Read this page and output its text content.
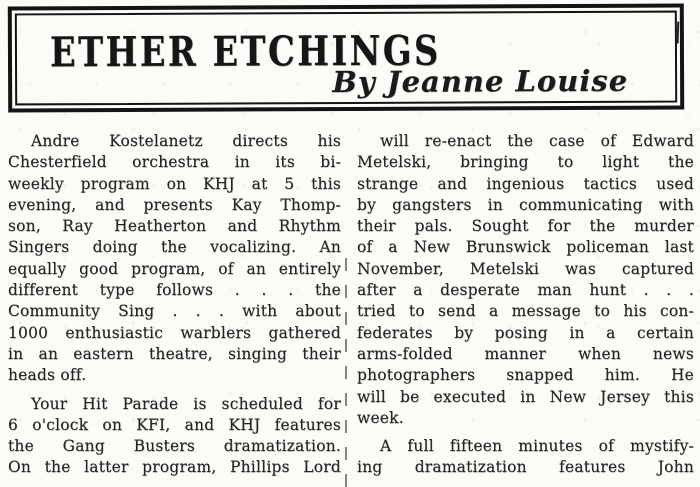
ETHER ETCHINGS
By Jeanne Louise
Andre Kostelanetz directs his
Chesterfield orchestra in its bi-
weekly program on KHJ at 5 this
evening, and presents Kay Thomp-
son, Ray Heatherton and Rhythm
Singers doing the vocalizing. An
equally good program, of an entirely
different type follows . . . the
Community Sing . . . with about
1000 enthusiastic warblers gathered
in an eastern theatre, singing their
heads off.
Your Hit Parade is scheduled for
6 o'clock on KFI, and KHJ features
the Gang Busters dramatization.
On the latter program, Phillips Lord
will re-enact the case of Edward
Metelski, bringing to light the
strange and ingenious tactics used
by gangsters in communicating with
their pals. Sought for the murder
of a New Brunswick policeman last
November, Metelski was captured
after a desperate man hunt . . .
tried to send a message to his con-
federates by posing in a certain
arms-folded manner when news
photographers snapped him. He
will be executed in New Jersey this
week.
A full fifteen minutes of mystify-
ing dramatization features John
